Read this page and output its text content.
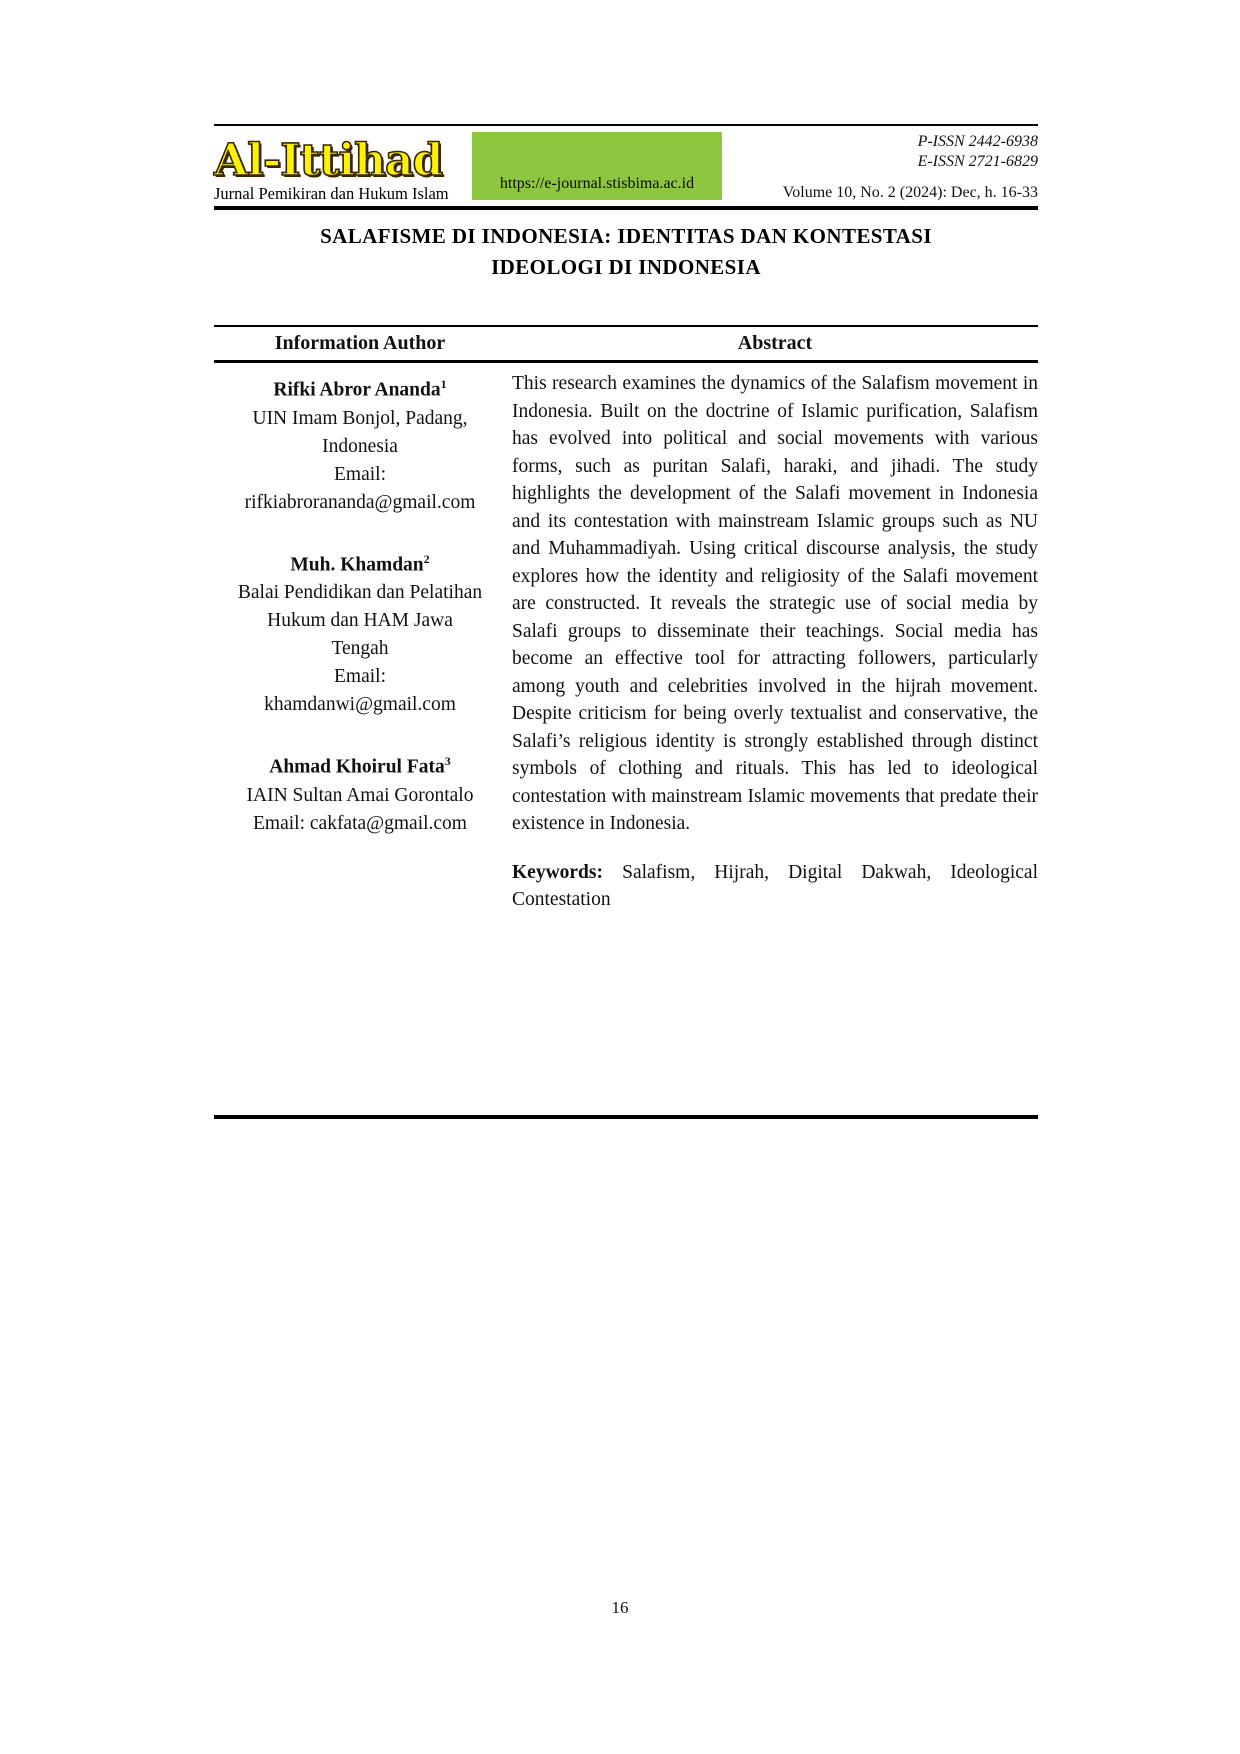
Al-Ittihad
Jurnal Pemikiran dan Hukum Islam
https://e-journal.stisbima.ac.id
P-ISSN 2442-6938
E-ISSN 2721-6829
Volume 10, No. 2 (2024): Dec, h. 16-33
SALAFISME DI INDONESIA: IDENTITAS DAN KONTESTASI
IDEOLOGI DI INDONESIA
Information Author	Abstract
Rifki Abror Ananda$^1$
UIN Imam Bonjol, Padang,
Indonesia
Email:
rifkiabrorananda@gmail.com
Muh. Khamdan$^2$
Balai Pendidikan dan Pelatihan
Hukum dan HAM Jawa
Tengah
Email:
khamdanwi@gmail.com
Ahmad Khoirul Fata$^3$
IAIN Sultan Amai Gorontalo
Email: cakfata@gmail.com

This research examines the dynamics of the Salafism movement in Indonesia. Built on the doctrine of Islamic purification, Salafism has evolved into political and social movements with various forms, such as puritan Salafi, haraki, and jihadi. The study highlights the development of the Salafi movement in Indonesia and its contestation with mainstream Islamic groups such as NU and Muhammadiyah. Using critical discourse analysis, the study explores how the identity and religiosity of the Salafi movement are constructed. It reveals the strategic use of social media by Salafi groups to disseminate their teachings. Social media has become an effective tool for attracting followers, particularly among youth and celebrities involved in the hijrah movement. Despite criticism for being overly textualist and conservative, the Salafi’s religious identity is strongly established through distinct symbols of clothing and rituals. This has led to ideological contestation with mainstream Islamic movements that predate their existence in Indonesia.

Keywords: Salafism, Hijrah, Digital Dakwah, Ideological Contestation

16
